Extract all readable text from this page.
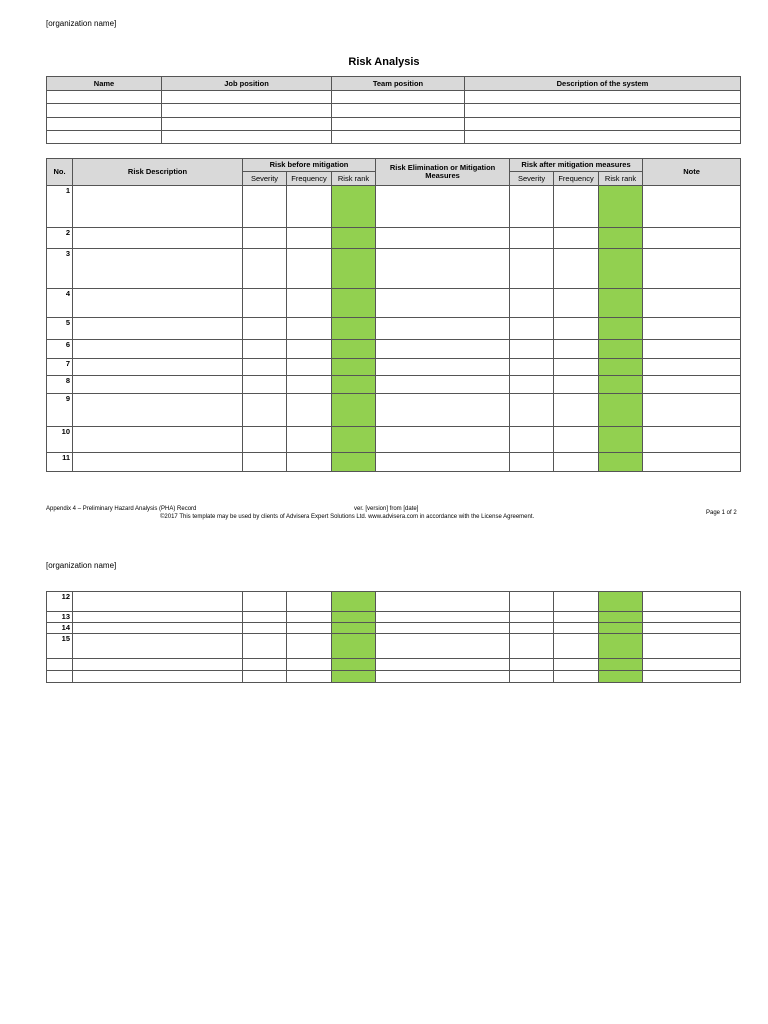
[organization name]
Risk Analysis
Name	Job position	Team position	Description of the system

No.	Risk Description	Risk before mitigation			Risk Elimination or Mitigation Measures	Risk after mitigation measures			Note
		Severity	Frequency	Risk rank		Severity	Frequency	Risk rank	
1									
2									
3									
4									
5									
6									
7									
8									
9									
10									
11									
Appendix 4 – Preliminary Hazard Analysis (PHA) Record	ver. [version] from [date]
©2017 This template may be used by clients of Advisera Expert Solutions Ltd. www.advisera.com in accordance with the License Agreement.
Page 1 of 2
[organization name]
12									
13									
14									
15									
